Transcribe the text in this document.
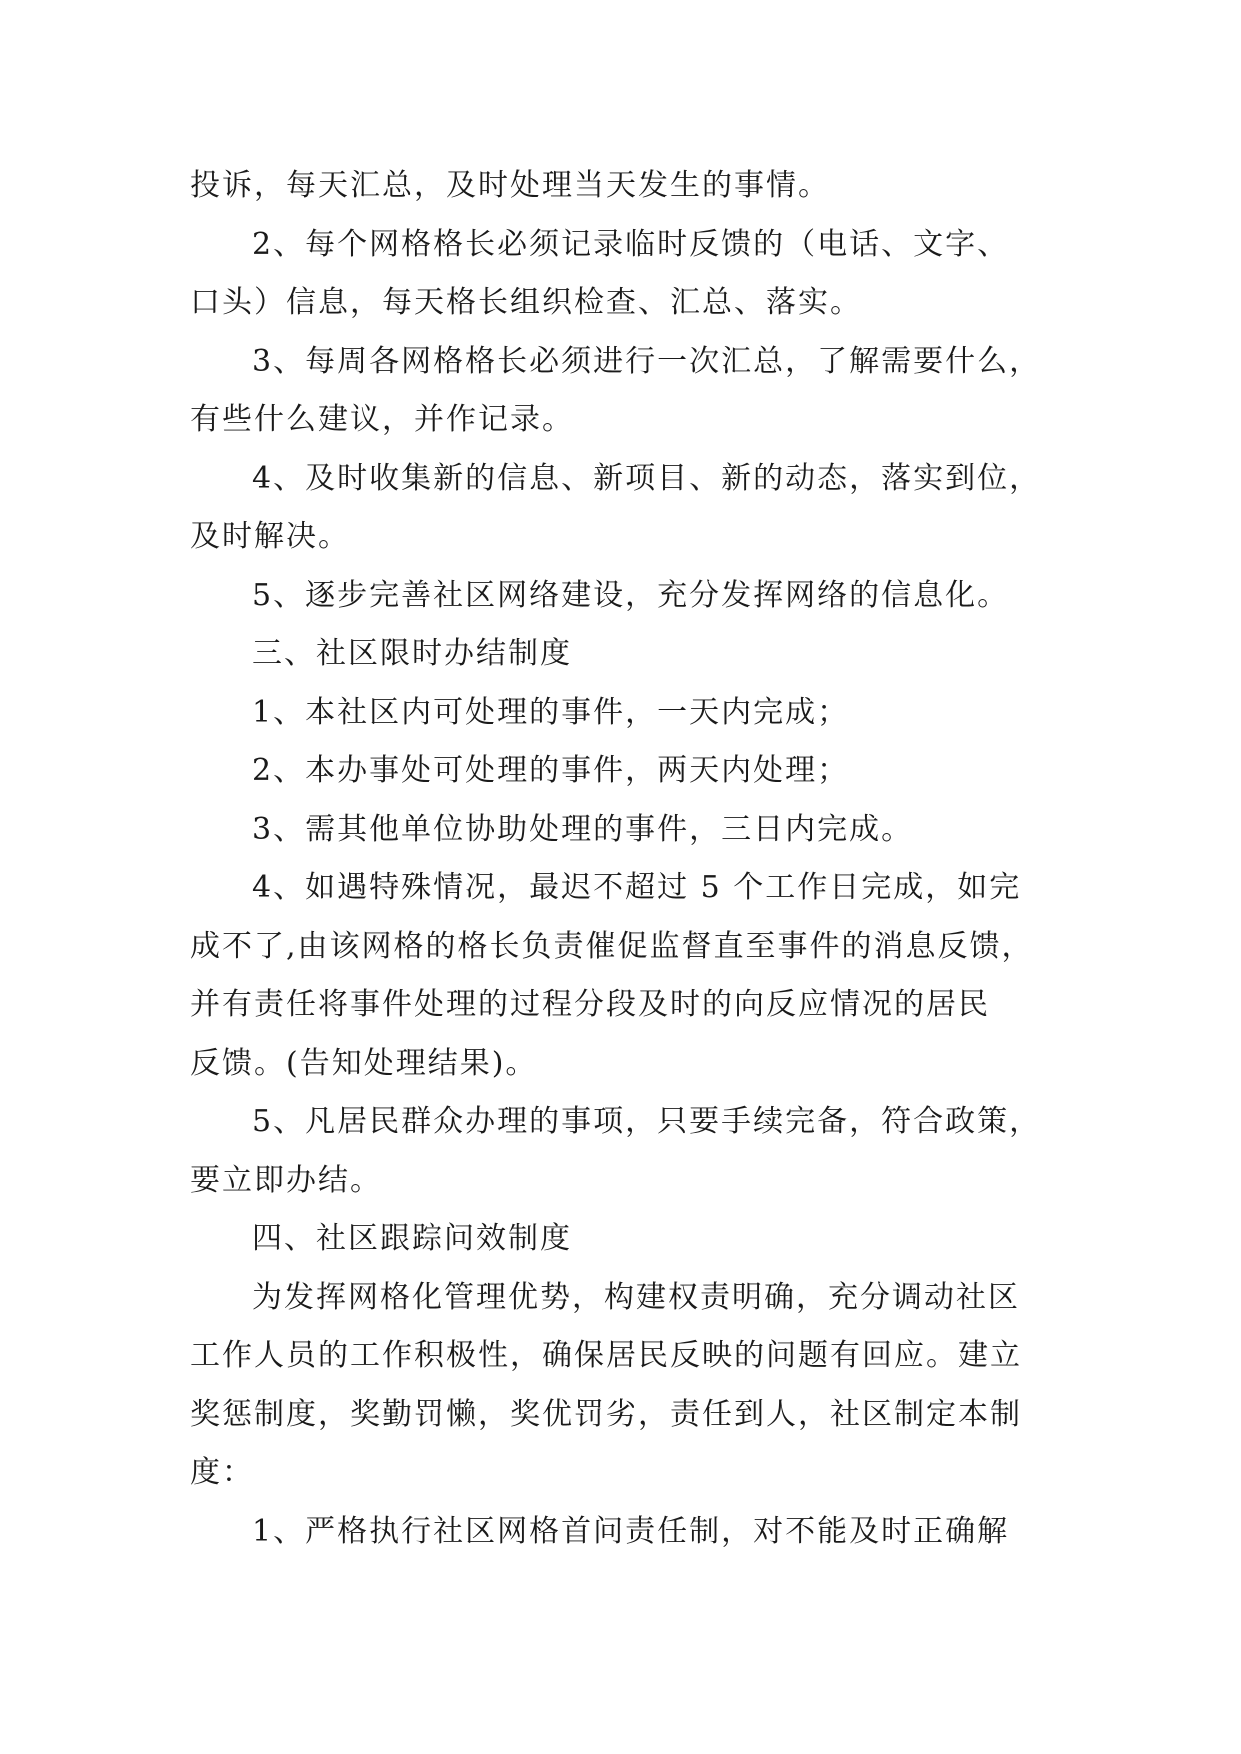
投诉，每天汇总，及时处理当天发生的事情。

2、每个网格格长必须记录临时反馈的（电话、文字、

口头）信息，每天格长组织检查、汇总、落实。

3、每周各网格格长必须进行一次汇总，了解需要什么，

有些什么建议，并作记录。

4、及时收集新的信息、新项目、新的动态，落实到位，

及时解决。

5、逐步完善社区网络建设，充分发挥网络的信息化。

三、社区限时办结制度

1、本社区内可处理的事件，一天内完成；

2、本办事处可处理的事件，两天内处理；

3、需其他单位协助处理的事件，三日内完成。

4、如遇特殊情况，最迟不超过 5 个工作日完成，如完

成不了,由该网格的格长负责催促监督直至事件的消息反馈，

并有责任将事件处理的过程分段及时的向反应情况的居民

反馈。(告知处理结果)。

5、凡居民群众办理的事项，只要手续完备，符合政策，

要立即办结。

四、社区跟踪问效制度

为发挥网格化管理优势，构建权责明确，充分调动社区

工作人员的工作积极性，确保居民反映的问题有回应。建立

奖惩制度，奖勤罚懒，奖优罚劣，责任到人，社区制定本制

度：

1、严格执行社区网格首问责任制，对不能及时正确解
